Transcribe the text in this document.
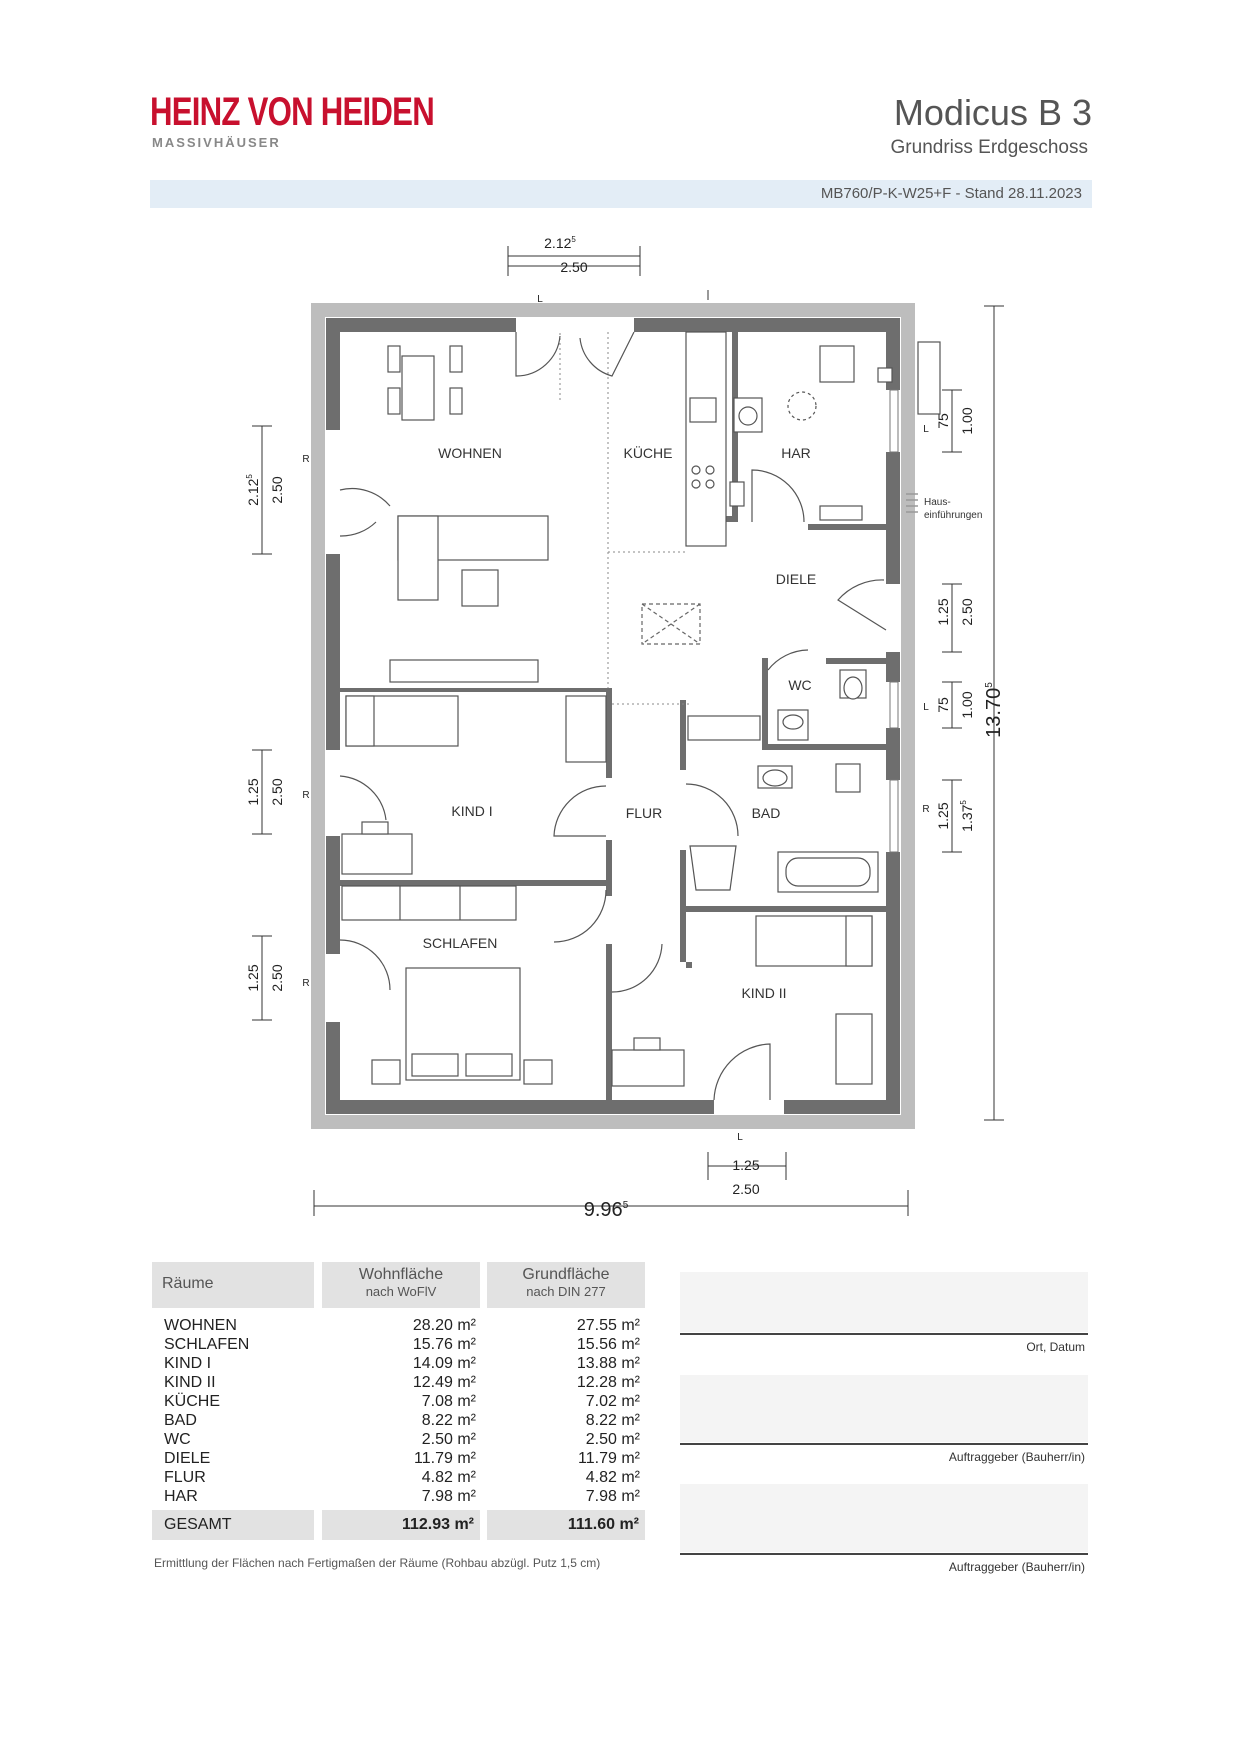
HEINZ VON HEIDEN
MASSIVHÄUSER
Modicus B 3
Grundriss Erdgeschoss
MB760/P-K-W25+F - Stand 28.11.2023
WOHNEN	KÜCHE	HAR
DIELE
WC
KIND I	FLUR	BAD
SCHLAFEN
KIND II
Haus-
einführungen
2.12$^5$
2.50
1.25
2.50
9.96$^5$
2.12$^5$	2.50
1.25 2.50
1.25 2.50
13.70$^5$
75 1.00
1.25 2.50
75 1.00
1.25 1.37$^5$
L
L
L
L
R
R
R
R
Räume
Wohnfläche
nach WoFlV
Grundfläche
nach DIN 277
WOHNEN	28.20 m²	27.55 m²
SCHLAFEN	15.76 m²	15.56 m²
KIND I	14.09 m²	13.88 m²
KIND II	12.49 m²	12.28 m²
KÜCHE	7.08 m²	7.02 m²
BAD	8.22 m²	8.22 m²
WC	2.50 m²	2.50 m²
DIELE	11.79 m²	11.79 m²
FLUR	4.82 m²	4.82 m²
HAR	7.98 m²	7.98 m²
GESAMT	112.93 m²	111.60 m²
Ermittlung der Flächen nach Fertigmaßen der Räume (Rohbau abzügl. Putz 1,5 cm)
Ort, Datum
Auftraggeber (Bauherr/in)
Auftraggeber (Bauherr/in)
